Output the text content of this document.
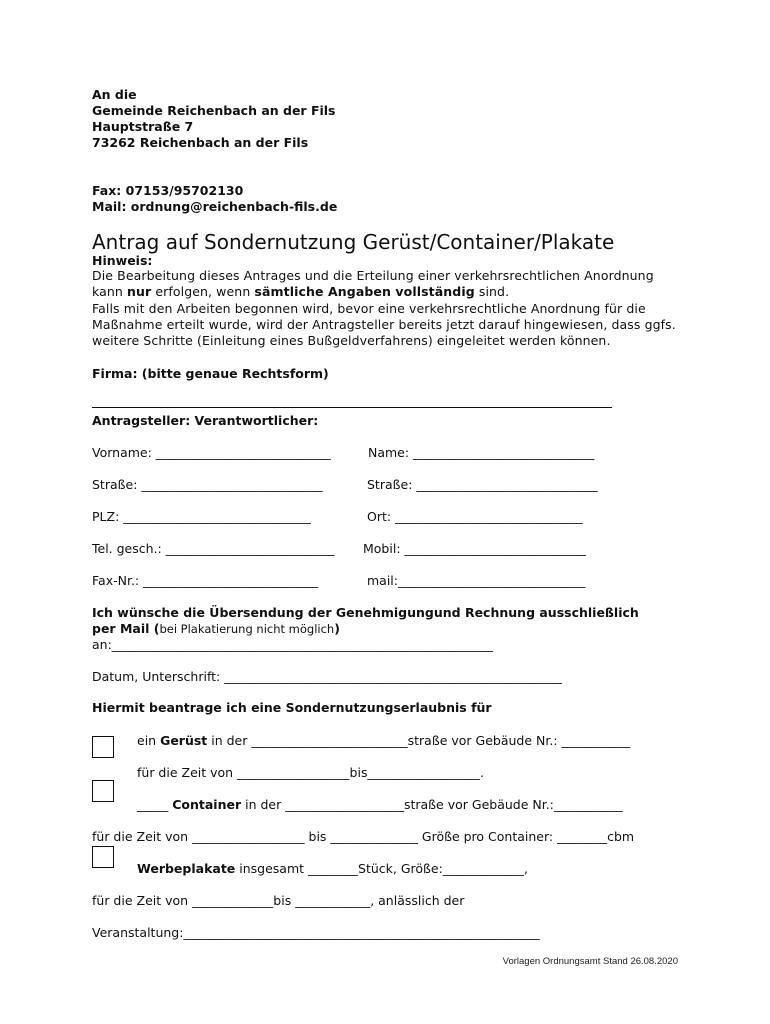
An die
Gemeinde Reichenbach an der Fils
Hauptstraße 7
73262 Reichenbach an der Fils
Fax: 07153/95702130
Mail: ordnung@reichenbach-fils.de
Antrag auf Sondernutzung Gerüst/Container/Plakate
Hinweis:
Die Bearbeitung dieses Antrages und die Erteilung einer verkehrsrechtlichen Anordnung
kann nur erfolgen, wenn sämtliche Angaben vollständig sind.
Falls mit den Arbeiten begonnen wird, bevor eine verkehrsrechtliche Anordnung für die
Maßnahme erteilt wurde, wird der Antragsteller bereits jetzt darauf hingewiesen, dass ggfs.
weitere Schritte (Einleitung eines Bußgeldverfahrens) eingeleitet werden können.
Firma: (bitte genaue Rechtsform)
Antragsteller: Verantwortlicher:
Vorname: ____________________________	Name: _____________________________
Straße: _____________________________	Straße: _____________________________
PLZ: ______________________________	Ort: ______________________________
Tel. gesch.: ___________________________ Mobil: _____________________________
Fax-Nr.: ____________________________	mail:______________________________
Ich wünsche die Übersendung der Genehmigungund Rechnung ausschließlich
per Mail (bei Plakatierung nicht möglich)
an:_____________________________________________________________
Datum, Unterschrift: ______________________________________________________
Hiermit beantrage ich eine Sondernutzungserlaubnis für
ein Gerüst in der _________________________straße vor Gebäude Nr.: ___________
für die Zeit von __________________bis__________________.
_____ Container in der ___________________straße vor Gebäude Nr.:___________
für die Zeit von __________________ bis ______________ Größe pro Container: ________cbm
Werbeplakate insgesamt ________Stück, Größe:_____________,
für die Zeit von _____________bis ____________, anlässlich der
Veranstaltung:_________________________________________________________
Vorlagen Ordnungsamt Stand 26.08.2020
